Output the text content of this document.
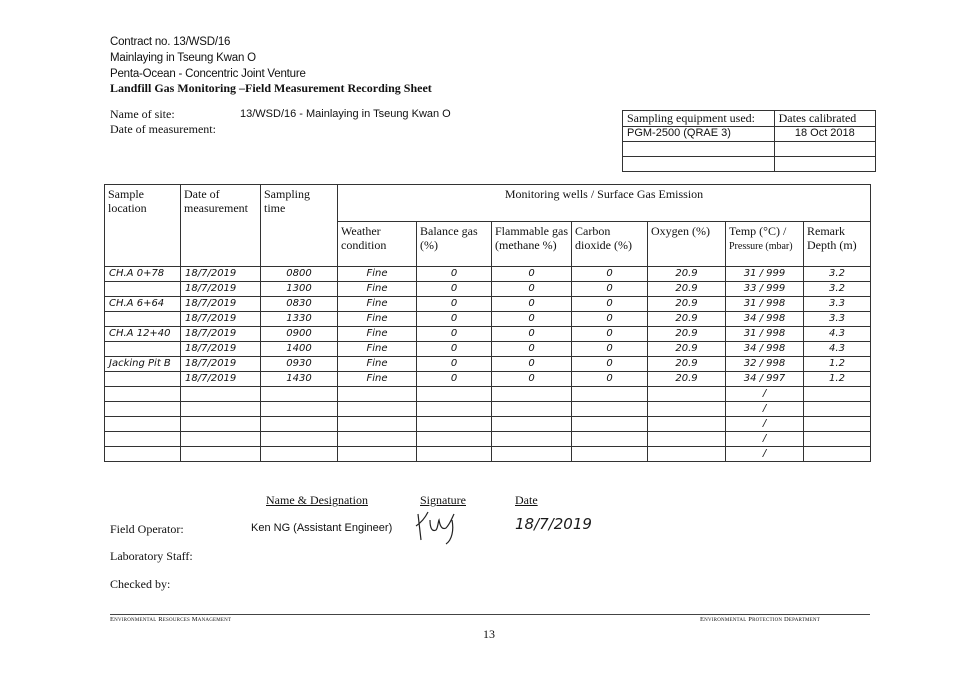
Contract no. 13/WSD/16
Mainlaying in Tseung Kwan O
Penta-Ocean - Concentric Joint Venture
Landfill Gas Monitoring –Field Measurement Recording Sheet
Name of site:	13/WSD/16 - Mainlaying in Tseung Kwan O
Date of measurement:
Sampling equipment used:	Dates calibrated
PGM-2500 (QRAE 3)	18 Oct 2018

Sample location	Date of measurement	Sampling time	Monitoring wells / Surface Gas Emission						
			Weather condition	Balance gas (%)	Flammable gas (methane %)	Carbon dioxide (%)	Oxygen (%)	Temp (°C) /
Pressure (mbar)	Remark Depth (m)
CH.A 0+78	18/7/2019	0800	Fine	0	0	0	20.9	31 / 999	3.2
	18/7/2019	1300	Fine	0	0	0	20.9	33 / 999	3.2
CH.A 6+64	18/7/2019	0830	Fine	0	0	0	20.9	31 / 998	3.3
	18/7/2019	1330	Fine	0	0	0	20.9	34 / 998	3.3
CH.A 12+40	18/7/2019	0900	Fine	0	0	0	20.9	31 / 998	4.3
	18/7/2019	1400	Fine	0	0	0	20.9	34 / 998	4.3
Jacking Pit B	18/7/2019	0930	Fine	0	0	0	20.9	32 / 998	1.2
	18/7/2019	1430	Fine	0	0	0	20.9	34 / 997	1.2
								/	
								/	
								/	
								/	
								/	
Name & Designation	Signature	Date
Field Operator:	Ken NG (Assistant Engineer)	18/7/2019
Laboratory Staff:
Checked by:
Environmental Resources Management	Environmental Protection Department
13
